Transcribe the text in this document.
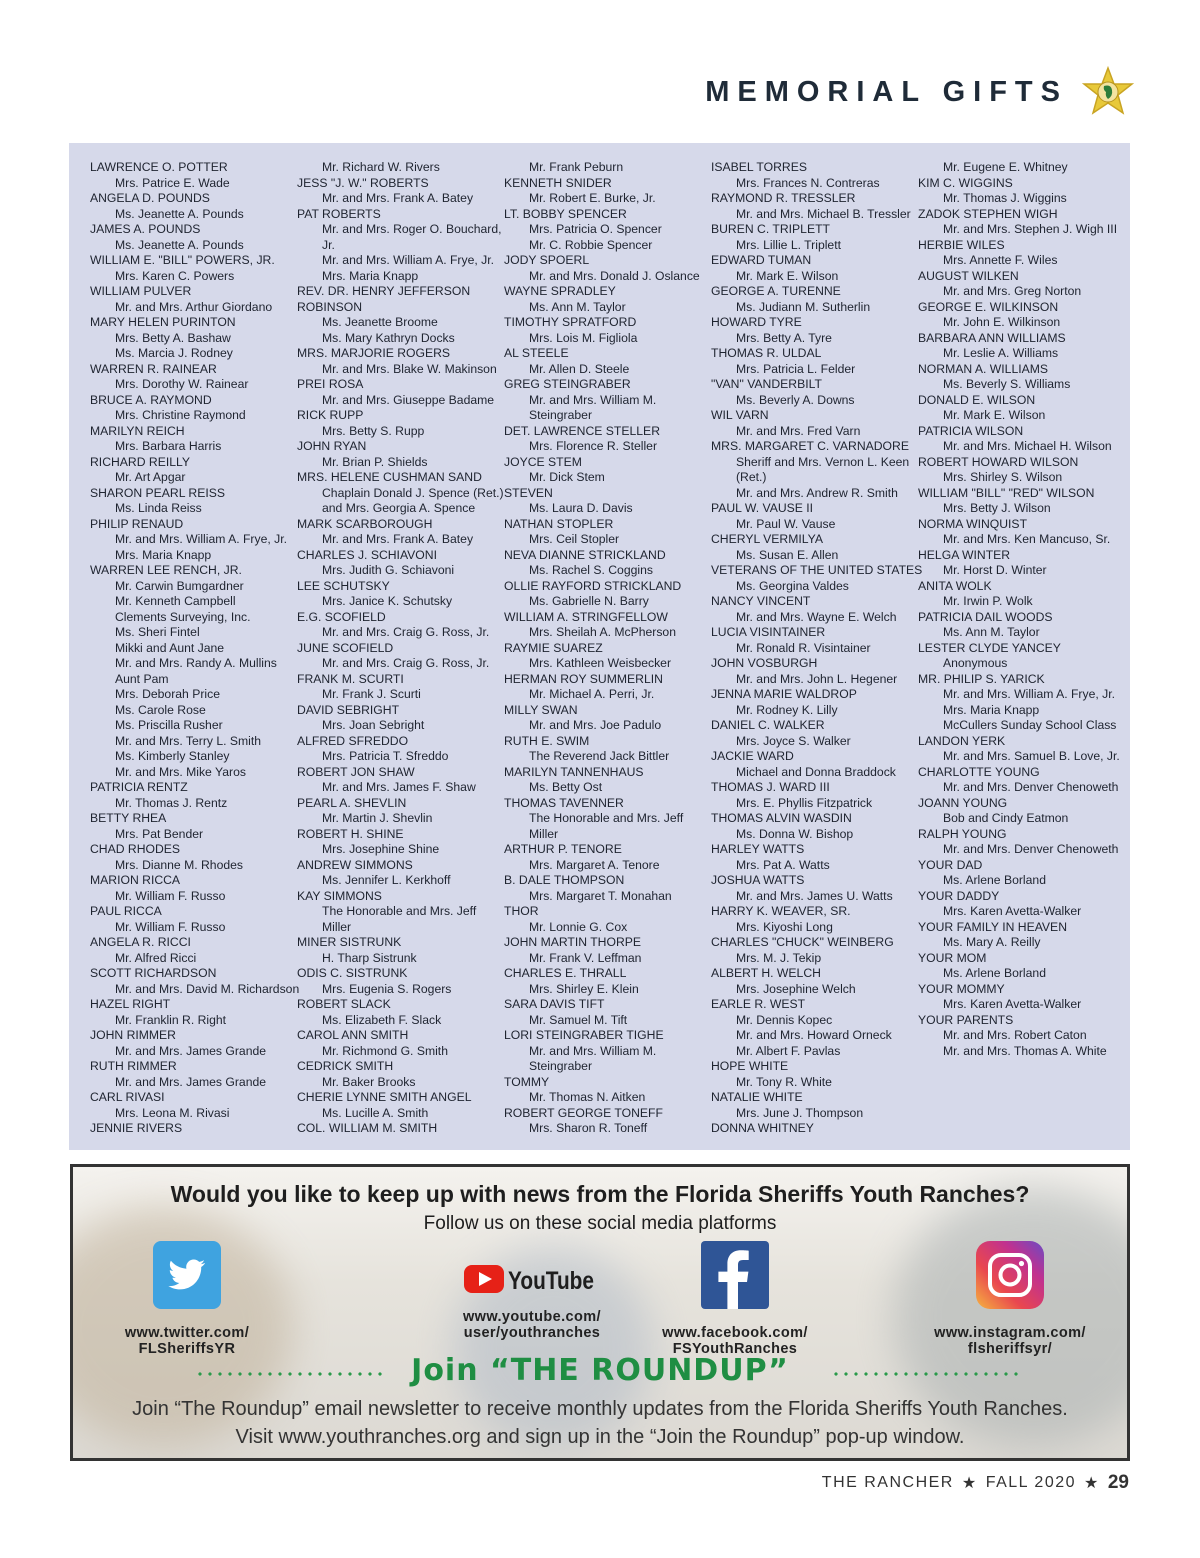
MEMORIAL GIFTS
LAWRENCE O. POTTER
Mrs. Patrice E. Wade
ANGELA D. POUNDS
Ms. Jeanette A. Pounds
JAMES A. POUNDS
Ms. Jeanette A. Pounds
WILLIAM E. "BILL" POWERS, JR.
Mrs. Karen C. Powers
WILLIAM PULVER
Mr. and Mrs. Arthur Giordano
MARY HELEN PURINTON
Mrs. Betty A. Bashaw
Ms. Marcia J. Rodney
WARREN R. RAINEAR
Mrs. Dorothy W. Rainear
BRUCE A. RAYMOND
Mrs. Christine Raymond
MARILYN REICH
Mrs. Barbara Harris
RICHARD REILLY
Mr. Art Apgar
SHARON PEARL REISS
Ms. Linda Reiss
PHILIP RENAUD
Mr. and Mrs. William A. Frye, Jr.
Mrs. Maria Knapp
WARREN LEE RENCH, JR.
Mr. Carwin Bumgardner
Mr. Kenneth Campbell
Clements Surveying, Inc.
Ms. Sheri Fintel
Mikki and Aunt Jane
Mr. and Mrs. Randy A. Mullins
Aunt Pam
Mrs. Deborah Price
Ms. Carole Rose
Ms. Priscilla Rusher
Mr. and Mrs. Terry L. Smith
Ms. Kimberly Stanley
Mr. and Mrs. Mike Yaros
PATRICIA RENTZ
Mr. Thomas J. Rentz
BETTY RHEA
Mrs. Pat Bender
CHAD RHODES
Mrs. Dianne M. Rhodes
MARION RICCA
Mr. William F. Russo
PAUL RICCA
Mr. William F. Russo
ANGELA R. RICCI
Mr. Alfred Ricci
SCOTT RICHARDSON
Mr. and Mrs. David M. Richardson
HAZEL RIGHT
Mr. Franklin R. Right
JOHN RIMMER
Mr. and Mrs. James Grande
RUTH RIMMER
Mr. and Mrs. James Grande
CARL RIVASI
Mrs. Leona M. Rivasi
JENNIE RIVERS
Mr. Richard W. Rivers
JESS "J. W." ROBERTS
Mr. and Mrs. Frank A. Batey
PAT ROBERTS
Mr. and Mrs. Roger O. Bouchard,
Jr.
Mr. and Mrs. William A. Frye, Jr.
Mrs. Maria Knapp
REV. DR. HENRY JEFFERSON
ROBINSON
Ms. Jeanette Broome
Ms. Mary Kathryn Docks
MRS. MARJORIE ROGERS
Mr. and Mrs. Blake W. Makinson
PREI ROSA
Mr. and Mrs. Giuseppe Badame
RICK RUPP
Mrs. Betty S. Rupp
JOHN RYAN
Mr. Brian P. Shields
MRS. HELENE CUSHMAN SAND
Chaplain Donald J. Spence (Ret.)
and Mrs. Georgia A. Spence
MARK SCARBOROUGH
Mr. and Mrs. Frank A. Batey
CHARLES J. SCHIAVONI
Mrs. Judith G. Schiavoni
LEE SCHUTSKY
Mrs. Janice K. Schutsky
E.G. SCOFIELD
Mr. and Mrs. Craig G. Ross, Jr.
JUNE SCOFIELD
Mr. and Mrs. Craig G. Ross, Jr.
FRANK M. SCURTI
Mr. Frank J. Scurti
DAVID SEBRIGHT
Mrs. Joan Sebright
ALFRED SFREDDO
Mrs. Patricia T. Sfreddo
ROBERT JON SHAW
Mr. and Mrs. James F. Shaw
PEARL A. SHEVLIN
Mr. Martin J. Shevlin
ROBERT H. SHINE
Mrs. Josephine Shine
ANDREW SIMMONS
Ms. Jennifer L. Kerkhoff
KAY SIMMONS
The Honorable and Mrs. Jeff
Miller
MINER SISTRUNK
H. Tharp Sistrunk
ODIS C. SISTRUNK
Mrs. Eugenia S. Rogers
ROBERT SLACK
Ms. Elizabeth F. Slack
CAROL ANN SMITH
Mr. Richmond G. Smith
CEDRICK SMITH
Mr. Baker Brooks
CHERIE LYNNE SMITH ANGEL
Ms. Lucille A. Smith
COL. WILLIAM M. SMITH
Mr. Frank Peburn
KENNETH SNIDER
Mr. Robert E. Burke, Jr.
LT. BOBBY SPENCER
Mrs. Patricia O. Spencer
Mr. C. Robbie Spencer
JODY SPOERL
Mr. and Mrs. Donald J. Oslance
WAYNE SPRADLEY
Ms. Ann M. Taylor
TIMOTHY SPRATFORD
Mrs. Lois M. Figliola
AL STEELE
Mr. Allen D. Steele
GREG STEINGRABER
Mr. and Mrs. William M.
Steingraber
DET. LAWRENCE STELLER
Mrs. Florence R. Steller
JOYCE STEM
Mr. Dick Stem
STEVEN
Ms. Laura D. Davis
NATHAN STOPLER
Mrs. Ceil Stopler
NEVA DIANNE STRICKLAND
Ms. Rachel S. Coggins
OLLIE RAYFORD STRICKLAND
Ms. Gabrielle N. Barry
WILLIAM A. STRINGFELLOW
Mrs. Sheilah A. McPherson
RAYMIE SUAREZ
Mrs. Kathleen Weisbecker
HERMAN ROY SUMMERLIN
Mr. Michael A. Perri, Jr.
MILLY SWAN
Mr. and Mrs. Joe Padulo
RUTH E. SWIM
The Reverend Jack Bittler
MARILYN TANNENHAUS
Ms. Betty Ost
THOMAS TAVENNER
The Honorable and Mrs. Jeff
Miller
ARTHUR P. TENORE
Mrs. Margaret A. Tenore
B. DALE THOMPSON
Mrs. Margaret T. Monahan
THOR
Mr. Lonnie G. Cox
JOHN MARTIN THORPE
Mr. Frank V. Leffman
CHARLES E. THRALL
Mrs. Shirley E. Klein
SARA DAVIS TIFT
Mr. Samuel M. Tift
LORI STEINGRABER TIGHE
Mr. and Mrs. William M.
Steingraber
TOMMY
Mr. Thomas N. Aitken
ROBERT GEORGE TONEFF
Mrs. Sharon R. Toneff
ISABEL TORRES
Mrs. Frances N. Contreras
RAYMOND R. TRESSLER
Mr. and Mrs. Michael B. Tressler
BUREN C. TRIPLETT
Mrs. Lillie L. Triplett
EDWARD TUMAN
Mr. Mark E. Wilson
GEORGE A. TURENNE
Ms. Judiann M. Sutherlin
HOWARD TYRE
Mrs. Betty A. Tyre
THOMAS R. ULDAL
Mrs. Patricia L. Felder
"VAN" VANDERBILT
Ms. Beverly A. Downs
WIL VARN
Mr. and Mrs. Fred Varn
MRS. MARGARET C. VARNADORE
Sheriff and Mrs. Vernon L. Keen
(Ret.)
Mr. and Mrs. Andrew R. Smith
PAUL W. VAUSE II
Mr. Paul W. Vause
CHERYL VERMILYA
Ms. Susan E. Allen
VETERANS OF THE UNITED STATES
Ms. Georgina Valdes
NANCY VINCENT
Mr. and Mrs. Wayne E. Welch
LUCIA VISINTAINER
Mr. Ronald R. Visintainer
JOHN VOSBURGH
Mr. and Mrs. John L. Hegener
JENNA MARIE WALDROP
Mr. Rodney K. Lilly
DANIEL C. WALKER
Mrs. Joyce S. Walker
JACKIE WARD
Michael and Donna Braddock
THOMAS J. WARD III
Mrs. E. Phyllis Fitzpatrick
THOMAS ALVIN WASDIN
Ms. Donna W. Bishop
HARLEY WATTS
Mrs. Pat A. Watts
JOSHUA WATTS
Mr. and Mrs. James U. Watts
HARRY K. WEAVER, SR.
Mrs. Kiyoshi Long
CHARLES "CHUCK" WEINBERG
Mrs. M. J. Tekip
ALBERT H. WELCH
Mrs. Josephine Welch
EARLE R. WEST
Mr. Dennis Kopec
Mr. and Mrs. Howard Orneck
Mr. Albert F. Pavlas
HOPE WHITE
Mr. Tony R. White
NATALIE WHITE
Mrs. June J. Thompson
DONNA WHITNEY
Mr. Eugene E. Whitney
KIM C. WIGGINS
Mr. Thomas J. Wiggins
ZADOK STEPHEN WIGH
Mr. and Mrs. Stephen J. Wigh III
HERBIE WILES
Mrs. Annette F. Wiles
AUGUST WILKEN
Mr. and Mrs. Greg Norton
GEORGE E. WILKINSON
Mr. John E. Wilkinson
BARBARA ANN WILLIAMS
Mr. Leslie A. Williams
NORMAN A. WILLIAMS
Ms. Beverly S. Williams
DONALD E. WILSON
Mr. Mark E. Wilson
PATRICIA WILSON
Mr. and Mrs. Michael H. Wilson
ROBERT HOWARD WILSON
Mrs. Shirley S. Wilson
WILLIAM "BILL" "RED" WILSON
Mrs. Betty J. Wilson
NORMA WINQUIST
Mr. and Mrs. Ken Mancuso, Sr.
HELGA WINTER
Mr. Horst D. Winter
ANITA WOLK
Mr. Irwin P. Wolk
PATRICIA DAIL WOODS
Ms. Ann M. Taylor
LESTER CLYDE YANCEY
Anonymous
MR. PHILIP S. YARICK
Mr. and Mrs. William A. Frye, Jr.
Mrs. Maria Knapp
McCullers Sunday School Class
LANDON YERK
Mr. and Mrs. Samuel B. Love, Jr.
CHARLOTTE YOUNG
Mr. and Mrs. Denver Chenoweth
JOANN YOUNG
Bob and Cindy Eatmon
RALPH YOUNG
Mr. and Mrs. Denver Chenoweth
YOUR DAD
Ms. Arlene Borland
YOUR DADDY
Mrs. Karen Avetta-Walker
YOUR FAMILY IN HEAVEN
Ms. Mary A. Reilly
YOUR MOM
Ms. Arlene Borland
YOUR MOMMY
Mrs. Karen Avetta-Walker
YOUR PARENTS
Mr. and Mrs. Robert Caton
Mr. and Mrs. Thomas A. White
Would you like to keep up with news from the Florida Sheriffs Youth Ranches?
Follow us on these social media platforms
www.twitter.com/
FLSheriffsYR
YouTube
www.youtube.com/
user/youthranches	www.facebook.com/
FSYouthRanches
www.instagram.com/
flsheriffsyr/
Join “THE ROUNDUP”
Join “The Roundup” email newsletter to receive monthly updates from the Florida Sheriffs Youth Ranches.
Visit www.youthranches.org and sign up in the “Join the Roundup” pop-up window.
THE RANCHER ★ FALL 2020 ★ 29
